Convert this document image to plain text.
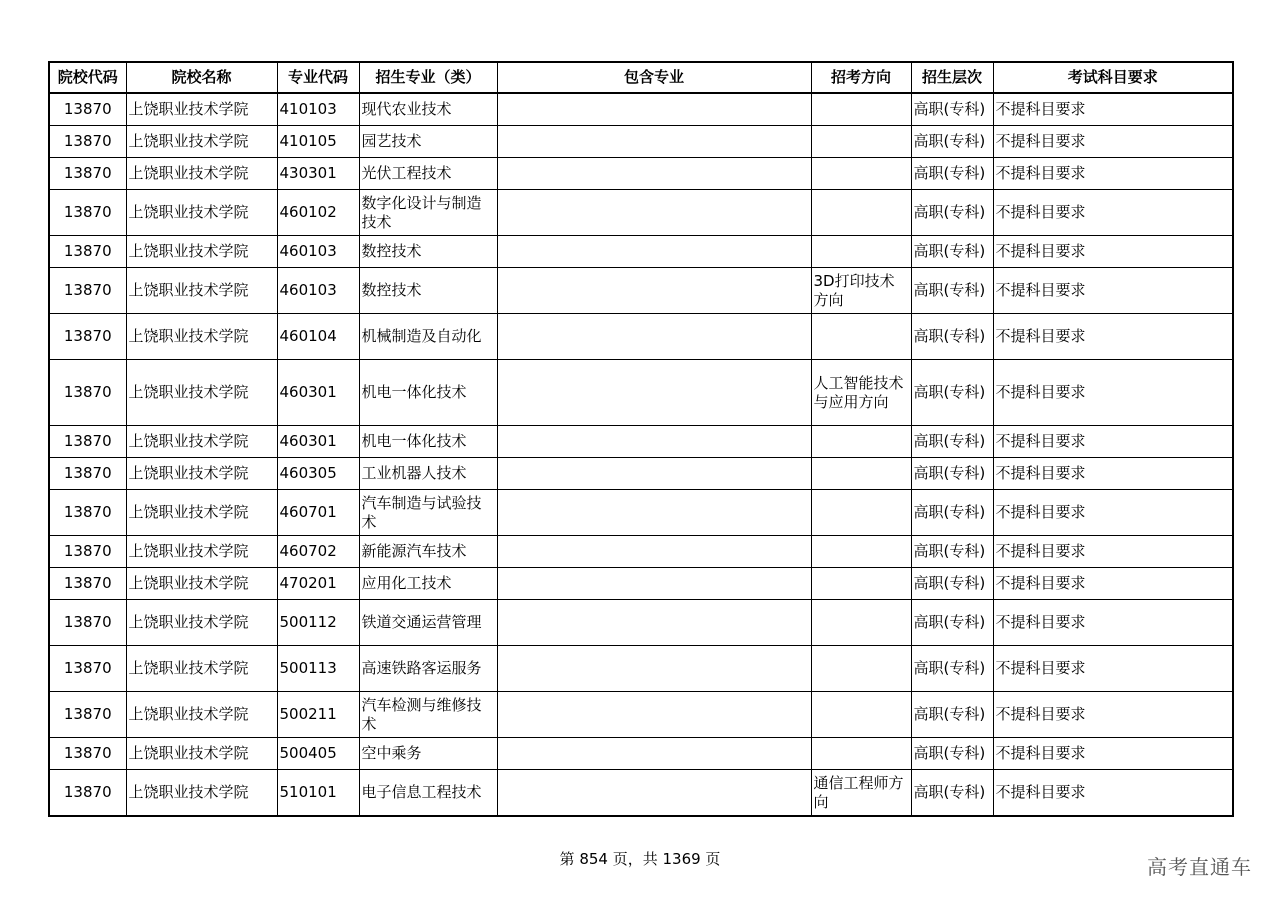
院校代码	院校名称	专业代码	招生专业（类）	包含专业	招考方向	招生层次	考试科目要求
13870	上饶职业技术学院	410103	现代农业技术			高职(专科)	不提科目要求
13870	上饶职业技术学院	410105	园艺技术			高职(专科)	不提科目要求
13870	上饶职业技术学院	430301	光伏工程技术			高职(专科)	不提科目要求
13870	上饶职业技术学院	460102	数字化设计与制造技术			高职(专科)	不提科目要求
13870	上饶职业技术学院	460103	数控技术			高职(专科)	不提科目要求
13870	上饶职业技术学院	460103	数控技术		3D打印技术方向	高职(专科)	不提科目要求
13870	上饶职业技术学院	460104	机械制造及自动化			高职(专科)	不提科目要求
13870	上饶职业技术学院	460301	机电一体化技术		人工智能技术与应用方向	高职(专科)	不提科目要求
13870	上饶职业技术学院	460301	机电一体化技术			高职(专科)	不提科目要求
13870	上饶职业技术学院	460305	工业机器人技术			高职(专科)	不提科目要求
13870	上饶职业技术学院	460701	汽车制造与试验技术			高职(专科)	不提科目要求
13870	上饶职业技术学院	460702	新能源汽车技术			高职(专科)	不提科目要求
13870	上饶职业技术学院	470201	应用化工技术			高职(专科)	不提科目要求
13870	上饶职业技术学院	500112	铁道交通运营管理			高职(专科)	不提科目要求
13870	上饶职业技术学院	500113	高速铁路客运服务			高职(专科)	不提科目要求
13870	上饶职业技术学院	500211	汽车检测与维修技术			高职(专科)	不提科目要求
13870	上饶职业技术学院	500405	空中乘务			高职(专科)	不提科目要求
13870	上饶职业技术学院	510101	电子信息工程技术		通信工程师方向	高职(专科)	不提科目要求
第 854 页，共 1369 页	高考直通车
